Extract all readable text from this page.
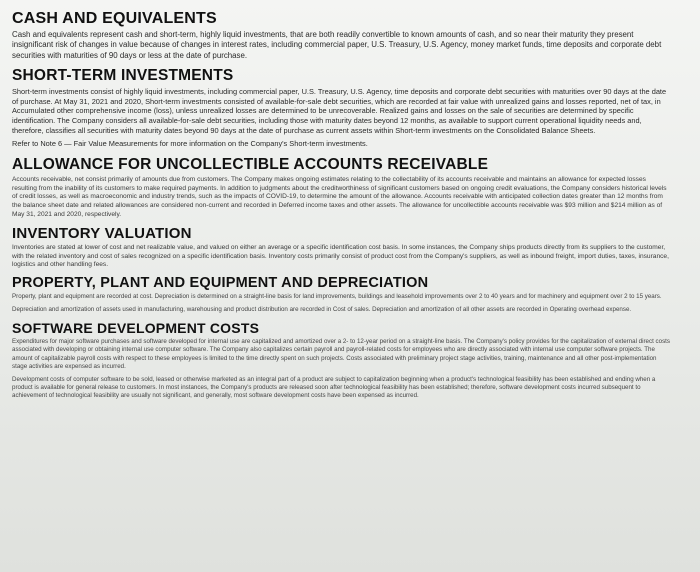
CASH AND EQUIVALENTS

Cash and equivalents represent cash and short-term, highly liquid investments, that are both readily convertible to known amounts of cash, and so near their maturity they present insignificant risk of changes in value because of changes in interest rates, including commercial paper, U.S. Treasury, U.S. Agency, money market funds, time deposits and corporate debt securities with maturities of 90 days or less at the date of purchase.

SHORT-TERM INVESTMENTS

Short-term investments consist of highly liquid investments, including commercial paper, U.S. Treasury, U.S. Agency, time deposits and corporate debt securities with maturities over 90 days at the date of purchase. At May 31, 2021 and 2020, Short-term investments consisted of available-for-sale debt securities, which are recorded at fair value with unrealized gains and losses reported, net of tax, in Accumulated other comprehensive income (loss), unless unrealized losses are determined to be unrecoverable. Realized gains and losses on the sale of securities are determined by specific identification. The Company considers all available-for-sale debt securities, including those with maturity dates beyond 12 months, as available to support current operational liquidity needs and, therefore, classifies all securities with maturity dates beyond 90 days at the date of purchase as current assets within Short-term investments on the Consolidated Balance Sheets.

Refer to Note 6 — Fair Value Measurements for more information on the Company's Short-term investments.

ALLOWANCE FOR UNCOLLECTIBLE ACCOUNTS RECEIVABLE

Accounts receivable, net consist primarily of amounts due from customers. The Company makes ongoing estimates relating to the collectability of its accounts receivable and maintains an allowance for expected losses resulting from the inability of its customers to make required payments. In addition to judgments about the creditworthiness of significant customers based on ongoing credit evaluations, the Company considers historical levels of credit losses, as well as macroeconomic and industry trends, such as the impacts of COVID-19, to determine the amount of the allowance. Accounts receivable with anticipated collection dates greater than 12 months from the balance sheet date and related allowances are considered non-current and recorded in Deferred income taxes and other assets. The allowance for uncollectible accounts receivable was $93 million and $214 million as of May 31, 2021 and 2020, respectively.

INVENTORY VALUATION

Inventories are stated at lower of cost and net realizable value, and valued on either an average or a specific identification cost basis. In some instances, the Company ships products directly from its suppliers to the customer, with the related inventory and cost of sales recognized on a specific identification basis. Inventory costs primarily consist of product cost from the Company's suppliers, as well as inbound freight, import duties, taxes, insurance, logistics and other handling fees.

PROPERTY, PLANT AND EQUIPMENT AND DEPRECIATION

Property, plant and equipment are recorded at cost. Depreciation is determined on a straight-line basis for land improvements, buildings and leasehold improvements over 2 to 40 years and for machinery and equipment over 2 to 15 years.

Depreciation and amortization of assets used in manufacturing, warehousing and product distribution are recorded in Cost of sales. Depreciation and amortization of all other assets are recorded in Operating overhead expense.

SOFTWARE DEVELOPMENT COSTS

Expenditures for major software purchases and software developed for internal use are capitalized and amortized over a 2- to 12-year period on a straight-line basis. The Company's policy provides for the capitalization of external direct costs associated with developing or obtaining internal use computer software. The Company also capitalizes certain payroll and payroll-related costs for employees who are directly associated with internal use computer software projects. The amount of capitalizable payroll costs with respect to these employees is limited to the time directly spent on such projects. Costs associated with preliminary project stage activities, training, maintenance and all other post-implementation stage activities are expensed as incurred.

Development costs of computer software to be sold, leased or otherwise marketed as an integral part of a product are subject to capitalization beginning when a product's technological feasibility has been established and ending when a product is available for general release to customers. In most instances, the Company's products are released soon after technological feasibility has been established; therefore, software development costs incurred subsequent to achievement of technological feasibility are usually not significant, and generally, most software development costs have been expensed as incurred.
